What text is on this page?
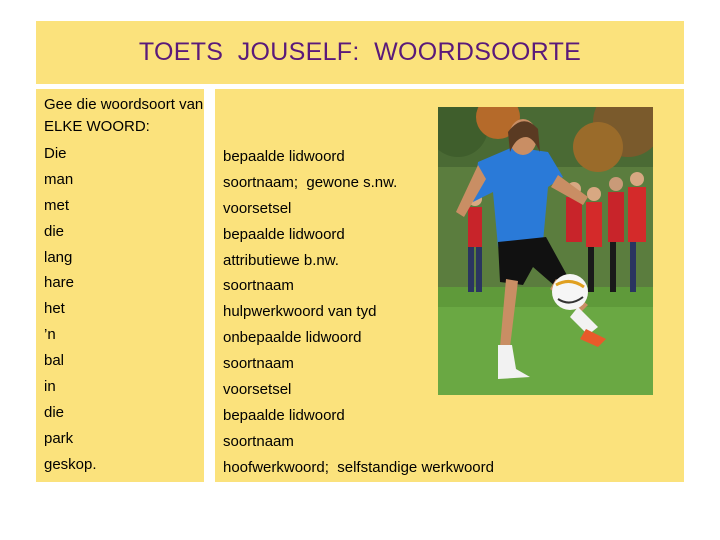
TOETS  JOUSELF:  WOORDSOORTE

Gee die woordsoort van ELKE WOORD:

Die
man
met
die
lang
hare
het
’n
bal
in
die
park
geskop.
bepaalde lidwoord
soortnaam;  gewone s.nw.
voorsetsel
bepaalde lidwoord
attributiewe b.nw.
soortnaam
hulpwerkwoord van tyd
onbepaalde lidwoord
soortnaam
voorsetsel
bepaalde lidwoord
soortnaam
hoofwerkwoord;  selfstandige werkwoord
